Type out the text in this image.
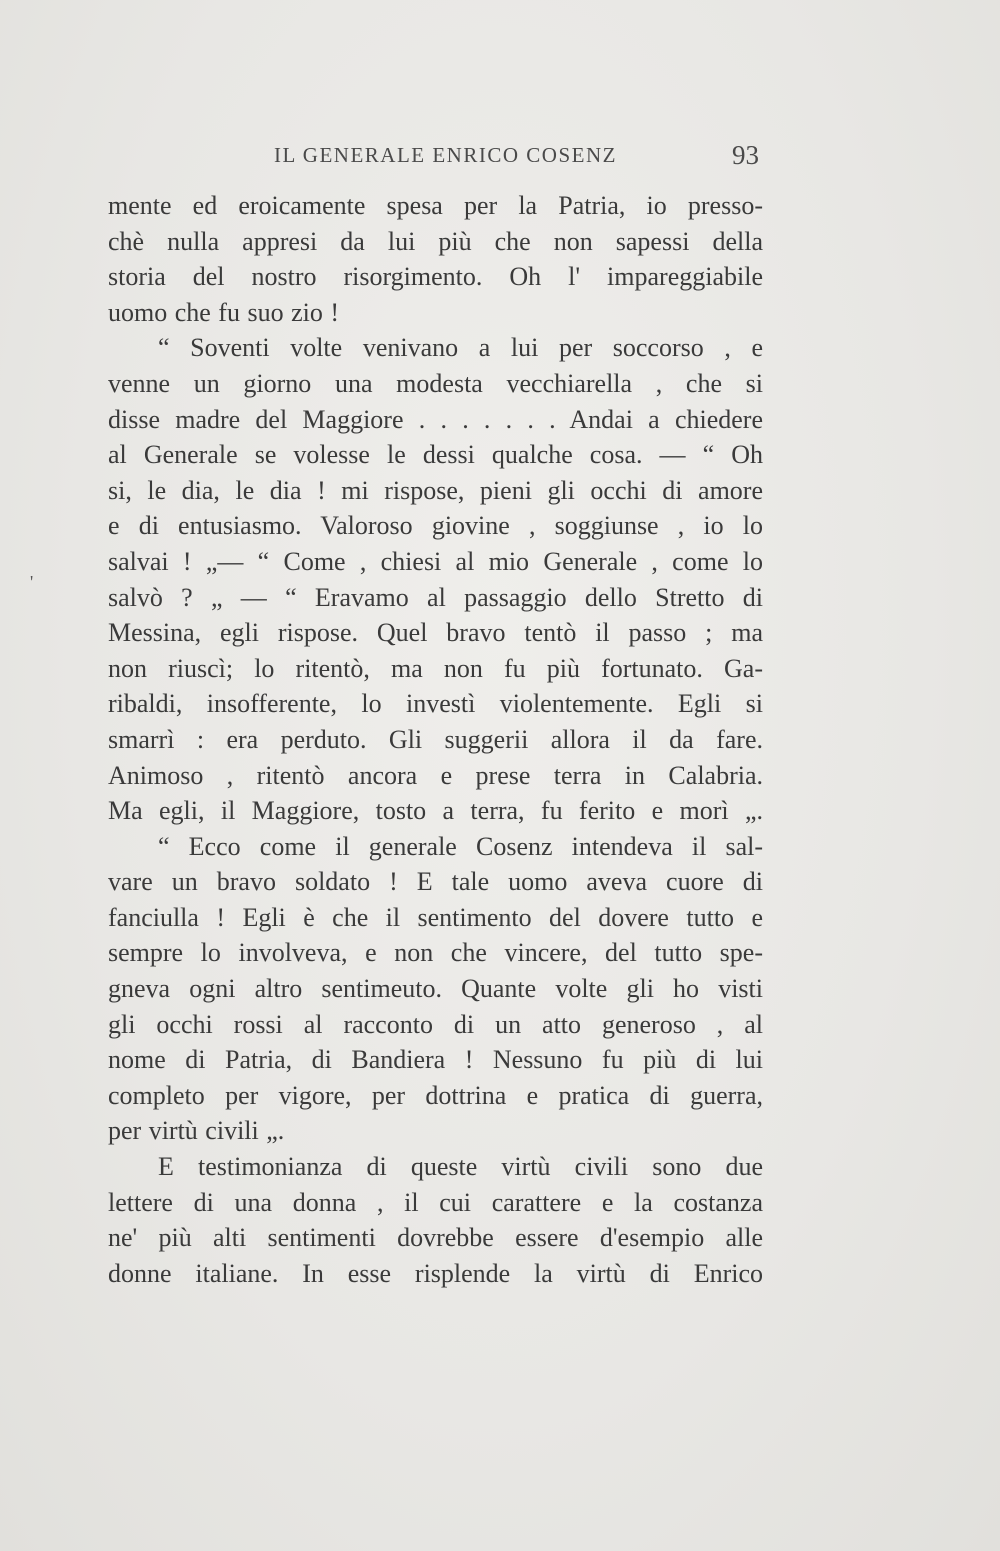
IL GENERALE ENRICO COSENZ	93
'
mente ed eroicamente spesa per la Patria, io presso-
chè nulla appresi da lui più che non sapessi della
storia del nostro risorgimento. Oh l' impareggiabile
uomo che fu suo zio !
“ Soventi volte venivano a lui per soccorso , e
venne un giorno una modesta vecchiarella , che si
disse madre del Maggiore . . . . . . . Andai a chiedere
al Generale se volesse le dessi qualche cosa. — “ Oh
si, le dia, le dia ! mi rispose, pieni gli occhi di amore
e di entusiasmo. Valoroso giovine , soggiunse , io lo
salvai ! „— “ Come , chiesi al mio Generale , come lo
salvò ? „ — “ Eravamo al passaggio dello Stretto di
Messina, egli rispose. Quel bravo tentò il passo ; ma
non riuscì; lo ritentò, ma non fu più fortunato. Ga-
ribaldi, insofferente, lo investì violentemente. Egli si
smarrì : era perduto. Gli suggerii allora il da fare.
Animoso , ritentò ancora e prese terra in Calabria.
Ma egli, il Maggiore, tosto a terra, fu ferito e morì „.
“ Ecco come il generale Cosenz intendeva il sal-
vare un bravo soldato ! E tale uomo aveva cuore di
fanciulla ! Egli è che il sentimento del dovere tutto e
sempre lo involveva, e non che vincere, del tutto spe-
gneva ogni altro sentimeuto. Quante volte gli ho visti
gli occhi rossi al racconto di un atto generoso , al
nome di Patria, di Bandiera ! Nessuno fu più di lui
completo per vigore, per dottrina e pratica di guerra,
per virtù civili „.
E testimonianza di queste virtù civili sono due
lettere di una donna , il cui carattere e la costanza
ne' più alti sentimenti dovrebbe essere d'esempio alle
donne italiane. In esse risplende la virtù di Enrico
